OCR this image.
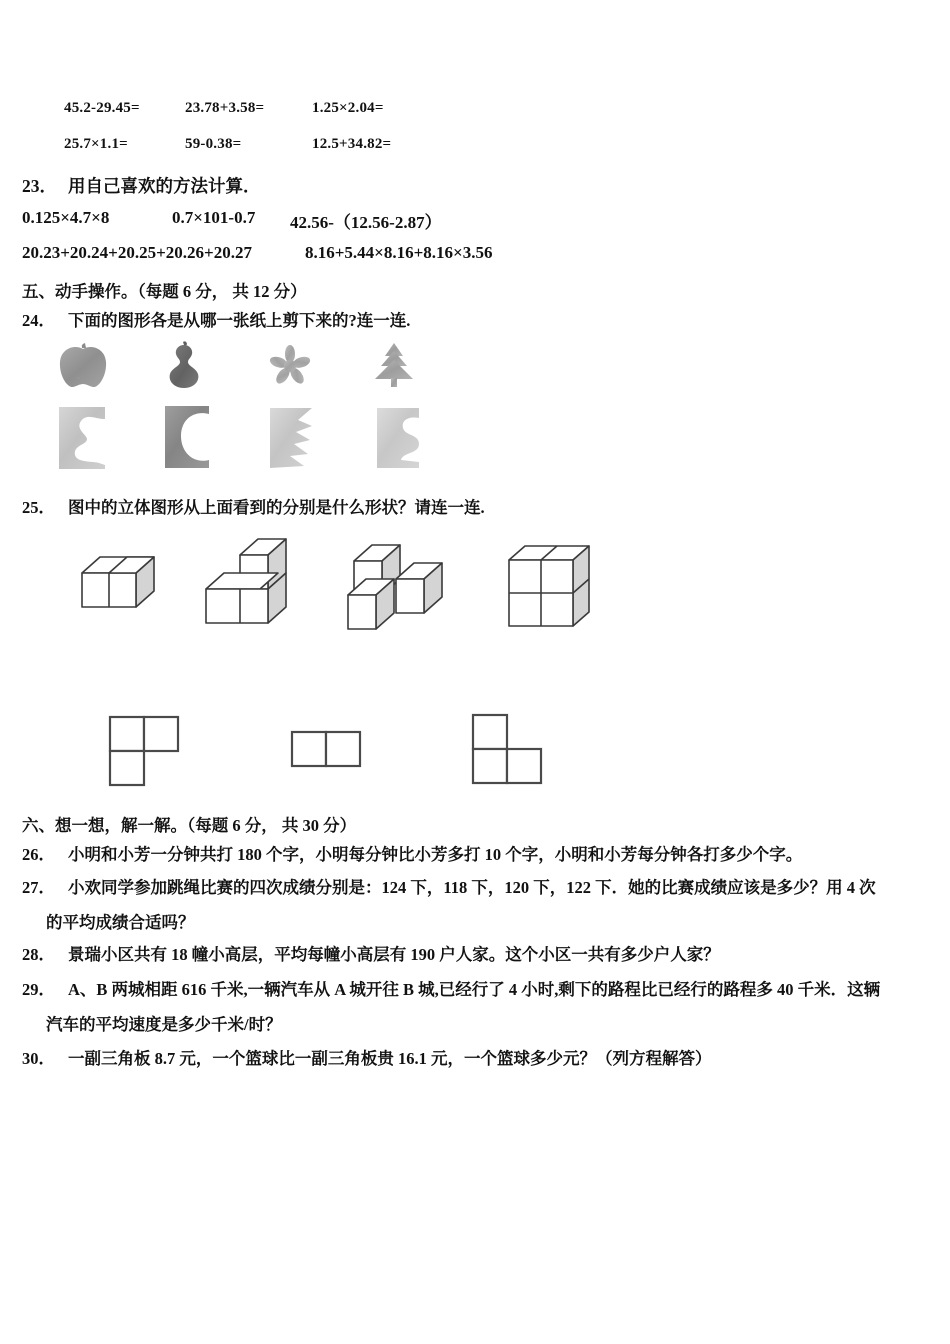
45.2-29.45=	23.78+3.58=	1.25×2.04=
25.7×1.1=	59-0.38=	12.5+34.82=
23． 用自己喜欢的方法计算．
0.125×4.7×8	0.7×101-0.7 42.56-（12.56-2.87）
20.23+20.24+20.25+20.26+20.27	8.16+5.44×8.16+8.16×3.56
五、动手操作。（每题 6 分， 共 12 分）
24． 下面的图形各是从哪一张纸上剪下来的?连一连.
25． 图中的立体图形从上面看到的分别是什么形状？请连一连.
六、想一想，解一解。（每题 6 分， 共 30 分）
26． 小明和小芳一分钟共打 180 个字，小明每分钟比小芳多打 10 个字，小明和小芳每分钟各打多少个字。
27． 小欢同学参加跳绳比赛的四次成绩分别是：124 下，118 下，120 下，122 下．她的比赛成绩应该是多少？用 4 次
的平均成绩合适吗？
28． 景瑞小区共有 18 幢小高层，平均每幢小高层有 190 户人家。这个小区一共有多少户人家？
29． A、B 两城相距 616 千米,一辆汽车从 A 城开往 B 城,已经行了 4 小时,剩下的路程比已经行的路程多 40 千米．这辆
汽车的平均速度是多少千米/时？
30． 一副三角板 8.7 元，一个篮球比一副三角板贵 16.1 元，一个篮球多少元？（列方程解答）
